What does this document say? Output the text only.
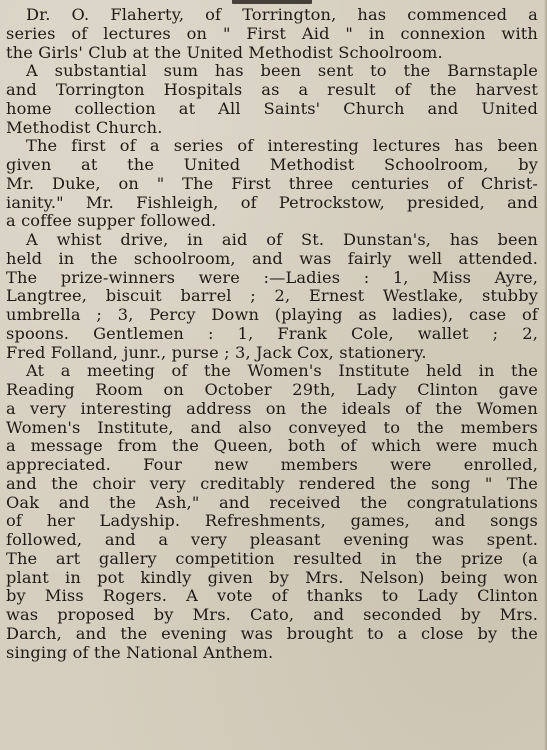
Dr. O. Flaherty, of Torrington, has commenced a
series of lectures on " First Aid " in connexion with
the Girls' Club at the United Methodist Schoolroom.
A substantial sum has been sent to the Barnstaple
and Torrington Hospitals as a result of the harvest
home collection at All Saints' Church and United
Methodist Church.
The first of a series of interesting lectures has been
given at the United Methodist Schoolroom, by
Mr. Duke, on " The First three centuries of Christ-
ianity." Mr. Fishleigh, of Petrockstow, presided, and
a coffee supper followed.
A whist drive, in aid of St. Dunstan's, has been
held in the schoolroom, and was fairly well attended.
The prize-winners were :—Ladies : 1, Miss Ayre,
Langtree, biscuit barrel ; 2, Ernest Westlake, stubby
umbrella ; 3, Percy Down (playing as ladies), case of
spoons. Gentlemen : 1, Frank Cole, wallet ; 2,
Fred Folland, junr., purse ; 3, Jack Cox, stationery.
At a meeting of the Women's Institute held in the
Reading Room on October 29th, Lady Clinton gave
a very interesting address on the ideals of the Women
Women's Institute, and also conveyed to the members
a message from the Queen, both of which were much
appreciated. Four new members were enrolled,
and the choir very creditably rendered the song " The
Oak and the Ash," and received the congratulations
of her Ladyship. Refreshments, games, and songs
followed, and a very pleasant evening was spent.
The art gallery competition resulted in the prize (a
plant in pot kindly given by Mrs. Nelson) being won
by Miss Rogers. A vote of thanks to Lady Clinton
was proposed by Mrs. Cato, and seconded by Mrs.
Darch, and the evening was brought to a close by the
singing of the National Anthem.
